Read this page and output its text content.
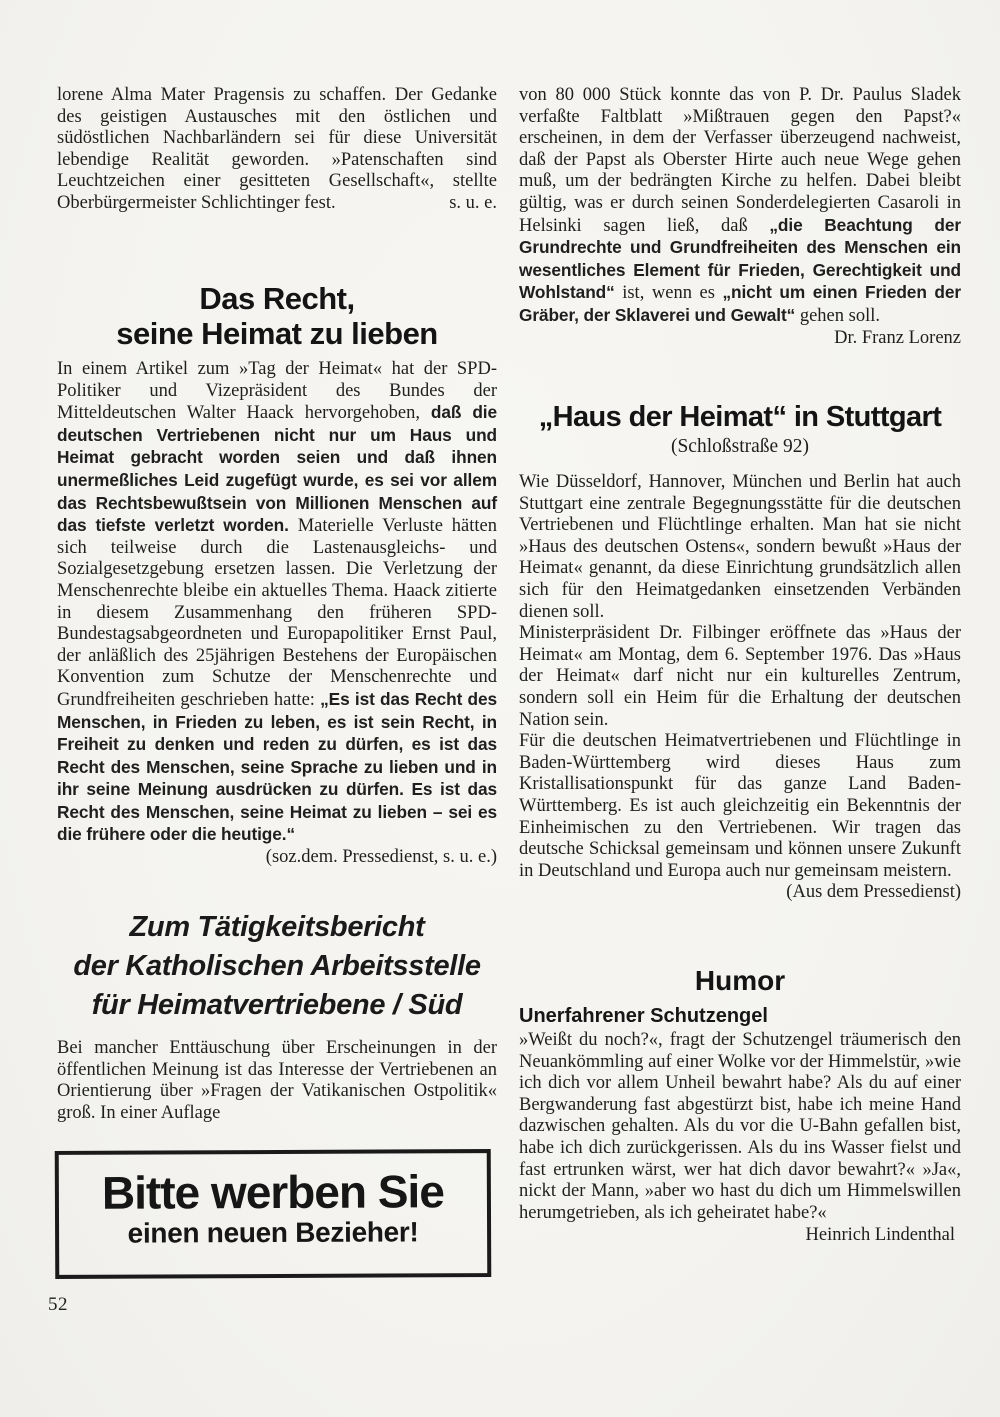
lorene Alma Mater Pragensis zu schaffen. Der Gedanke des geistigen Austausches mit den östlichen und südöstlichen Nachbarländern sei für diese Universität lebendige Realität geworden. »Patenschaften sind Leuchtzeichen einer gesitteten Gesellschaft«, stellte Oberbürgermeister Schlichtinger fest.	s. u. e.

Das Recht,
seine Heimat zu lieben

In einem Artikel zum »Tag der Heimat« hat der SPD-Politiker und Vizepräsident des Bundes der Mitteldeutschen Walter Haack hervorgehoben, daß die deutschen Vertriebenen nicht nur um Haus und Heimat gebracht worden seien und daß ihnen unermeßliches Leid zugefügt wurde, es sei vor allem das Rechtsbewußtsein von Millionen Menschen auf das tiefste verletzt worden. Materielle Verluste hätten sich teilweise durch die Lastenausgleichs- und Sozialgesetzgebung ersetzen lassen. Die Verletzung der Menschenrechte bleibe ein aktuelles Thema. Haack zitierte in diesem Zusammenhang den früheren SPD-Bundestagsabgeordneten und Europapolitiker Ernst Paul, der anläßlich des 25jährigen Bestehens der Europäischen Konvention zum Schutze der Menschenrechte und Grundfreiheiten geschrieben hatte: „Es ist das Recht des Menschen, in Frieden zu leben, es ist sein Recht, in Freiheit zu denken und reden zu dürfen, es ist das Recht des Menschen, seine Sprache zu lieben und in ihr seine Meinung ausdrücken zu dürfen. Es ist das Recht des Menschen, seine Heimat zu lieben – sei es die frühere oder die heutige.“
(soz.dem. Pressedienst, s. u. e.)

Zum Tätigkeitsbericht
der Katholischen Arbeitsstelle
für Heimatvertriebene / Süd

Bei mancher Enttäuschung über Erscheinungen in der öffentlichen Meinung ist das Interesse der Vertriebenen an Orientierung über »Fragen der Vatikanischen Ostpolitik« groß. In einer Auflage

Bitte werben Sie

einen neuen Bezieher!

52

von 80 000 Stück konnte das von P. Dr. Paulus Sladek verfaßte Faltblatt »Mißtrauen gegen den Papst?« erscheinen, in dem der Verfasser überzeugend nachweist, daß der Papst als Oberster Hirte auch neue Wege gehen muß, um der bedrängten Kirche zu helfen. Dabei bleibt gültig, was er durch seinen Sonderdelegierten Casaroli in Helsinki sagen ließ, daß „die Beachtung der Grundrechte und Grundfreiheiten des Menschen ein wesentliches Element für Frieden, Gerechtigkeit und Wohlstand“ ist, wenn es „nicht um einen Frieden der Gräber, der Sklaverei und Gewalt“ gehen soll.
Dr. Franz Lorenz

„Haus der Heimat“ in Stuttgart

(Schloßstraße 92)

Wie Düsseldorf, Hannover, München und Berlin hat auch Stuttgart eine zentrale Begegnungsstätte für die deutschen Vertriebenen und Flüchtlinge erhalten. Man hat sie nicht »Haus des deutschen Ostens«, sondern bewußt »Haus der Heimat« genannt, da diese Einrichtung grundsätzlich allen sich für den Heimatgedanken einsetzenden Verbänden dienen soll.

Ministerpräsident Dr. Filbinger eröffnete das »Haus der Heimat« am Montag, dem 6. September 1976. Das »Haus der Heimat« darf nicht nur ein kulturelles Zentrum, sondern soll ein Heim für die Erhaltung der deutschen Nation sein.

Für die deutschen Heimatvertriebenen und Flüchtlinge in Baden-Württemberg wird dieses Haus zum Kristallisationspunkt für das ganze Land Baden-Württemberg. Es ist auch gleichzeitig ein Bekenntnis der Einheimischen zu den Vertriebenen. Wir tragen das deutsche Schicksal gemeinsam und können unsere Zukunft in Deutschland und Europa auch nur gemeinsam meistern.
(Aus dem Pressedienst)

Humor

Unerfahrener Schutzengel

»Weißt du noch?«, fragt der Schutzengel träumerisch den Neuankömmling auf einer Wolke vor der Himmelstür, »wie ich dich vor allem Unheil bewahrt habe? Als du auf einer Bergwanderung fast abgestürzt bist, habe ich meine Hand dazwischen gehalten. Als du vor die U-Bahn gefallen bist, habe ich dich zurückgerissen. Als du ins Wasser fielst und fast ertrunken wärst, wer hat dich davor bewahrt?« »Ja«, nickt der Mann, »aber wo hast du dich um Himmelswillen herumgetrieben, als ich geheiratet habe?«

Heinrich Lindenthal
